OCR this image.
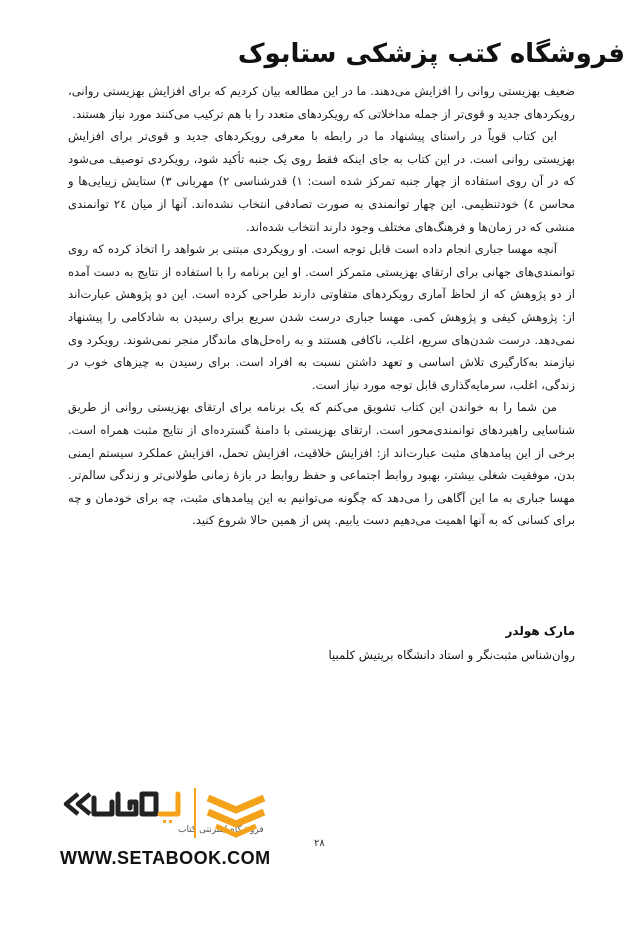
فروشگاه کتب پزشکی ستابوک

ضعیف بهزیستی روانی را افزایش می‌دهند. ما در این مطالعه بیان کردیم که برای افزایش بهزیستی روانی، رویکردهای جدید و قوی‌تر از جمله مداخلاتی که رویکردهای متعدد را با هم ترکیب می‌کنند مورد نیاز هستند.

این کتاب قویاً در راستای پیشنهاد ما در رابطه با معرفی رویکردهای جدید و قوی‌تر برای افزایش بهزیستی روانی است. در این کتاب به جای اینکه فقط روی یک جنبه تأکید شود، رویکردی توصیف می‌شود که در آن روی استفاده از چهار جنبه تمرکز شده است: ۱) قدرشناسی ۲) مهربانی ۳) ستایش زیبایی‌ها و محاسن ٤) خودتنظیمی. این چهار توانمندی به صورت تصادفی انتخاب نشده‌اند. آنها از میان ۲٤ توانمندی منشی که در زمان‌ها و فرهنگ‌های مختلف وجود دارند انتخاب شده‌اند.

آنچه مهسا جباری انجام داده است قابل توجه است. او رویکردی مبتنی بر شواهد را اتخاذ کرده که روی توانمندی‌های جهانی برای ارتقای بهزیستی متمرکز است. او این برنامه را با استفاده از نتایج به دست آمده از دو پژوهش که از لحاظ آماری رویکردهای متفاوتی دارند طراحی کرده است. این دو پژوهش عبارت‌اند از: پژوهش کیفی و پژوهش کمی. مهسا جباری درست شدن سریع برای رسیدن به شادکامی را پیشنهاد نمی‌دهد. درست شدن‌های سریع، اغلب، ناکافی هستند و به راه‌حل‌های ماندگار منجر نمی‌شوند. رویکرد وی نیازمند به‌کارگیری تلاش اساسی و تعهد داشتن نسبت به افراد است. برای رسیدن به چیزهای خوب در زندگی، اغلب، سرمایه‌گذاری قابل توجه مورد نیاز است.

من شما را به خواندن این کتاب تشویق می‌کنم که یک برنامه برای ارتقای بهزیستی روانی از طریق شناسایی راهبردهای توانمندی‌محور است. ارتقای بهزیستی با دامنهٔ گسترده‌ای از نتایج مثبت همراه است. برخی از این پیامدهای مثبت عبارت‌اند از: افزایش خلاقیت، افزایش تحمل، افزایش عملکرد سیستم ایمنی بدن، موفقیت شغلی بیشتر، بهبود روابط اجتماعی و حفظ روابط در بازهٔ زمانی طولانی‌تر و زندگی سالم‌تر. مهسا جباری به ما این آگاهی را می‌دهد که چگونه می‌توانیم به این پیامدهای مثبت، چه برای خودمان و چه برای کسانی که به آنها اهمیت می‌دهیم دست یابیم. پس از همین حالا شروع کنید.

مارک هولدر
روان‌شناس مثبت‌نگر و استاد دانشگاه بریتیش کلمبیا
فروشگاه اینترنتی کتاب
WWW.SETABOOK.COM
۲۸
